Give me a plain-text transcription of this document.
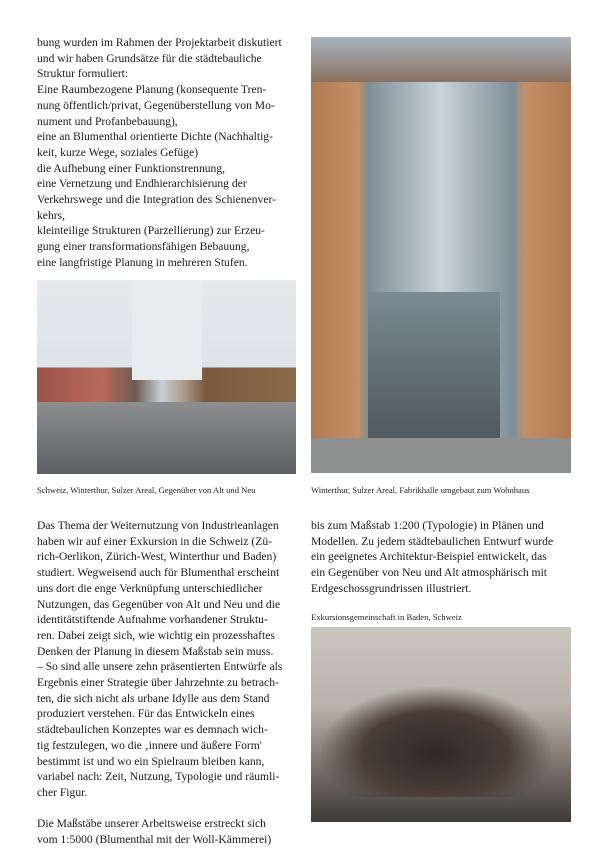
bung wurden im Rahmen der Projektarbeit diskutiert
und wir haben Grundsätze für die städtebauliche
Struktur formuliert:
Eine Raumbezogene Planung (konsequente Tren-
nung öffentlich/privat, Gegenüberstellung von Mo-
nument und Profanbebauung),
eine an Blumenthal orientierte Dichte (Nachhaltig-
keit, kurze Wege, soziales Gefüge)
die Aufhebung einer Funktionstrennung,
eine Vernetzung und Endhierarchisierung der
Verkehrswege und die Integration des Schienenver-
kehrs,
kleinteilige Strukturen (Parzellierung) zur Erzeu-
gung einer transformationsfähigen Bebauung,
eine langfristige Planung in mehreren Stufen.
Schweiz, Winterthur, Sulzer Areal, Gegenüber von Alt und Neu	Winterthur, Sulzer Areal, Fabrikhalle umgebaut zum Wohnhaus

Das Thema der Weiternutzung von Industrieanlagen
haben wir auf einer Exkursion in die Schweiz (Zü-
rich-Oerlikon, Zürich-West, Winterthur und Baden)
studiert. Wegweisend auch für Blumenthal erscheint
uns dort die enge Verknüpfung unterschiedlicher
Nutzungen, das Gegenüber von Alt und Neu und die
identitätstiftende Aufnahme vorhandener Struktu-
ren. Dabei zeigt sich, wie wichtig ein prozesshaftes
Denken der Planung in diesem Maßstab sein muss.
– So sind alle unsere zehn präsentierten Entwürfe als
Ergebnis einer Strategie über Jahrzehnte zu betrach-
ten, die sich nicht als urbane Idylle aus dem Stand
produziert verstehen. Für das Entwickeln eines
städtebaulichen Konzeptes war es demnach wich-
tig festzulegen, wo die ‚innere und äußere Form'
bestimmt ist und wo ein Spielraum bleiben kann,
variabel nach: Zeit, Nutzung, Typologie und räumli-
cher Figur.

Die Maßstäbe unserer Arbeitsweise erstreckt sich
vom 1:5000 (Blumenthal mit der Woll-Kämmerei)

bis zum Maßstab 1:200 (Typologie) in Plänen und
Modellen. Zu jedem städtebaulichen Entwurf wurde
ein geeignetes Architektur-Beispiel entwickelt, das
ein Gegenüber von Neu und Alt atmosphärisch mit
Erdgeschossgrundrissen illustriert.
Exkursionsgemeinschaft in Baden, Schweiz
